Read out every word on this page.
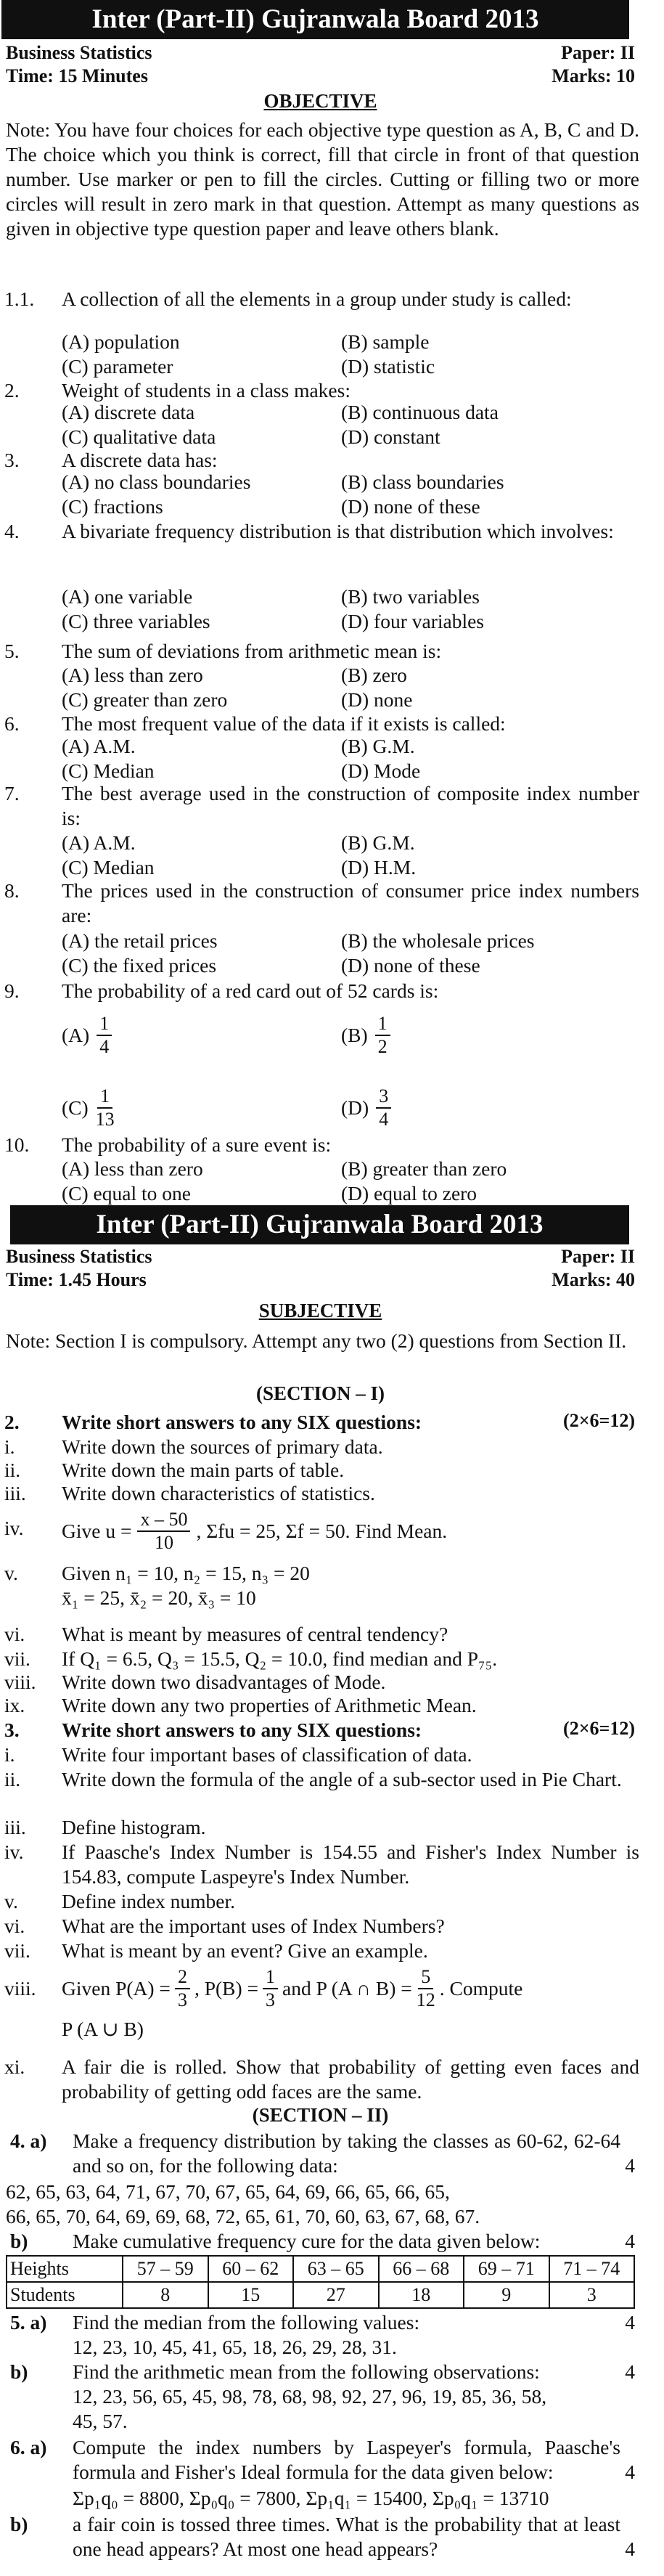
Inter (Part-II) Gujranwala Board 2013
Business Statistics	Paper: II
Time: 15 Minutes	Marks: 10
OBJECTIVE
Note: You have four choices for each objective type question as A, B, C and D. The choice which you think is correct, fill that circle in front of that question number. Use marker or pen to fill the circles. Cutting or filling two or more circles will result in zero mark in that question. Attempt as many questions as given in objective type question paper and leave others blank.
1.1.	A collection of all the elements in a group under study is called:
(A) population	(B) sample
(C) parameter	(D) statistic
2.	Weight of students in a class makes:
(A) discrete data	(B) continuous data
(C) qualitative data	(D) constant
3.	A discrete data has:
(A) no class boundaries	(B) class boundaries
(C) fractions	(D) none of these
4.	A bivariate frequency distribution is that distribution which involves:
(A) one variable	(B) two variables
(C) three variables	(D) four variables
5.	The sum of deviations from arithmetic mean is:
(A) less than zero	(B) zero
(C) greater than zero	(D) none
6.	The most frequent value of the data if it exists is called:
(A) A.M.	(B) G.M.
(C) Median	(D) Mode
7.	The best average used in the construction of composite index number is:
(A) A.M.	(B) G.M.
(C) Median	(D) H.M.
8.	The prices used in the construction of consumer price index numbers are:
(A) the retail prices	(B) the wholesale prices
(C) the fixed prices	(D) none of these
9.	The probability of a red card out of 52 cards is:
$(A) \frac{1}{4}$	$(B) \frac{1}{2}$
$(C) \frac{1}{13}$	$(D) \frac{3}{4}$
10.	The probability of a sure event is:
(A) less than zero	(B) greater than zero
(C) equal to one	(D) equal to zero
Inter (Part-II) Gujranwala Board 2013
Business Statistics	Paper: II
Time: 1.45 Hours	Marks: 40
SUBJECTIVE
Note: Section I is compulsory. Attempt any two (2) questions from Section II.
(SECTION – I)
2.	Write short answers to any SIX questions:	(2×6=12)
i.	Write down the sources of primary data.
ii.	Write down the main parts of table.
iii.	Write down characteristics of statistics.
iv.	Give $u = \frac{x - 50}{10}$ , Σfu = 25, Σf = 50. Find Mean.
v.	Given n₁ = 10, n₂ = 15, n₃ = 20
x̄₁ = 25, x̄₂ = 20, x̄₃ = 10
vi.	What is meant by measures of central tendency?
vii.	If Q₁ = 6.5, Q₃ = 15.5, Q₂ = 10.0, find median and P₇₅.
viii.	Write down two disadvantages of Mode.
ix.	Write down any two properties of Arithmetic Mean.
3.	Write short answers to any SIX questions:	(2×6=12)
i.	Write four important bases of classification of data.
ii.	Write down the formula of the angle of a sub-sector used in Pie Chart.
iii.	Define histogram.
iv.	If Paasche's Index Number is 154.55 and Fisher's Index Number is 154.83, compute Laspeyre's Index Number.
v.	Define index number.
vi.	What are the important uses of Index Numbers?
vii.	What is meant by an event? Give an example.
viii.	Given $P(A) = \frac{2}{3}$ , $P(B) = \frac{1}{3}$ and P (A ∩ $B) = \frac{5}{12}$ . Compute
P (A ∪ B)
xi.	A fair die is rolled. Show that probability of getting even faces and probability of getting odd faces are the same.
(SECTION – II)
4. a)	Make a frequency distribution by taking the classes as 60-62, 62-64 and so on, for the following data:	4
62, 65, 63, 64, 71, 67, 70, 67, 65, 64, 69, 66, 65, 66, 65,
66, 65, 70, 64, 69, 69, 68, 72, 65, 61, 70, 60, 63, 67, 68, 67.
b)	Make cumulative frequency cure for the data given below:	4
Heights	57 – 59	60 – 62	63 – 65	66 – 68	69 – 71	71 – 74
Students	8	15	27	18	9	3
5. a)	Find the median from the following values:	4
12, 23, 10, 45, 41, 65, 18, 26, 29, 28, 31.
b)	Find the arithmetic mean from the following observations:	4
12, 23, 56, 65, 45, 98, 78, 68, 98, 92, 27, 96, 19, 85, 36, 58,
45, 57.
6. a)	Compute the index numbers by Laspeyer's formula, Paasche's formula and Fisher's Ideal formula for the data given below:	4
Σp₁q₀ = 8800, Σp₀q₀ = 7800, Σp₁q₁ = 15400, Σp₀q₁ = 13710
b)	a fair coin is tossed three times. What is the probability that at least one head appears? At most one head appears?	4
